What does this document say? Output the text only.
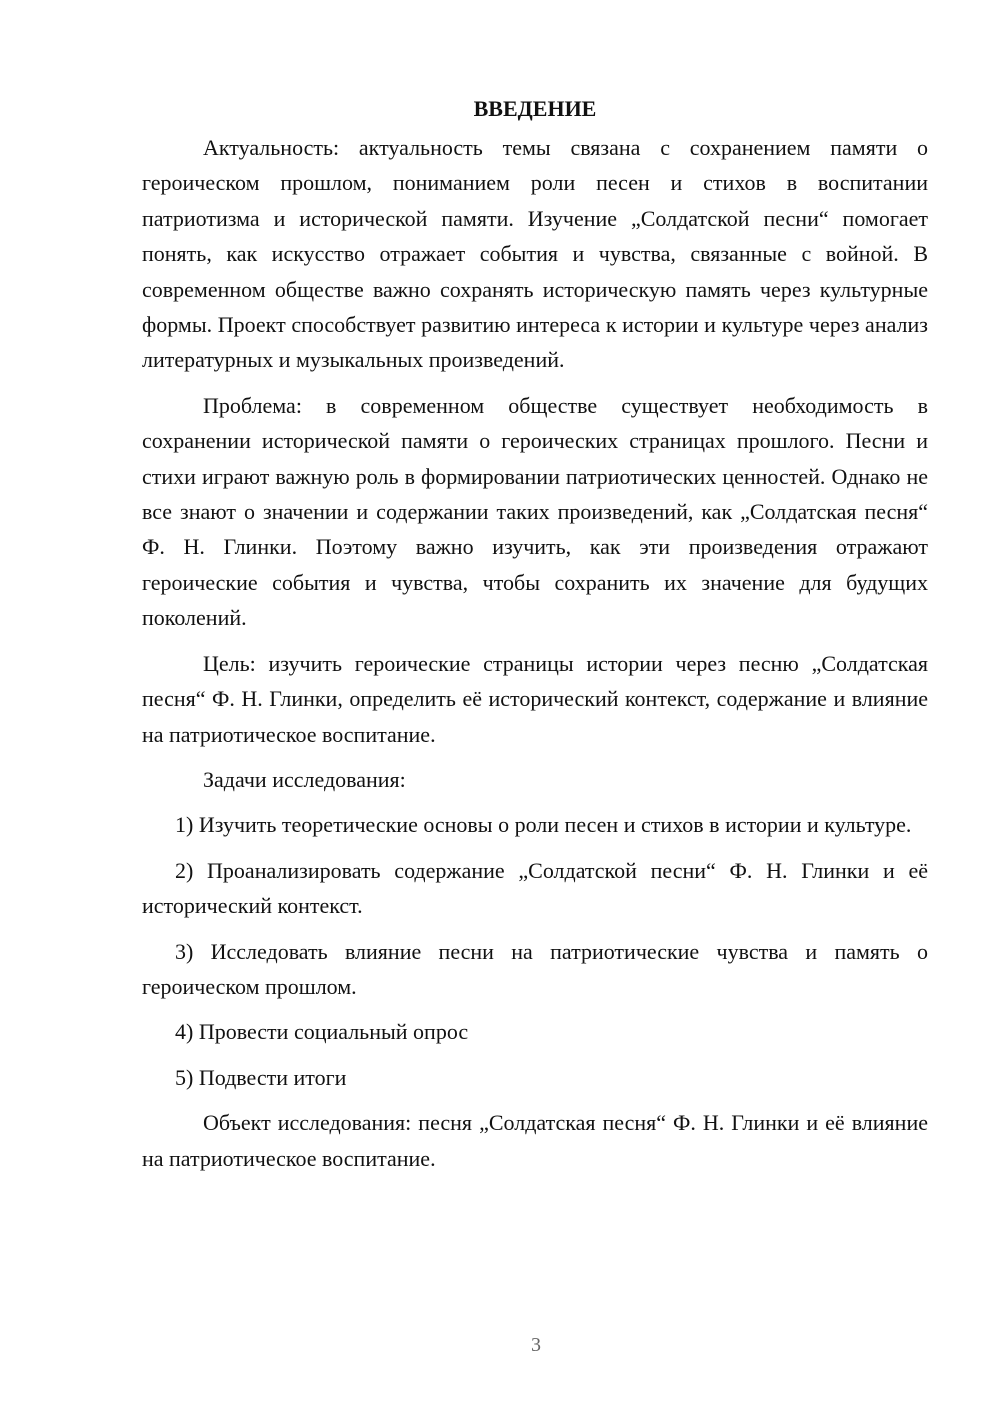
ВВЕДЕНИЕ

Актуальность: актуальность темы связана с сохранением памяти о героическом прошлом, пониманием роли песен и стихов в воспитании патриотизма и исторической памяти. Изучение „Солдатской песни“ помогает понять, как искусство отражает события и чувства, связанные с войной. В современном обществе важно сохранять историческую память через культурные формы. Проект способствует развитию интереса к истории и культуре через анализ литературных и музыкальных произведений.

Проблема: в современном обществе существует необходимость в сохранении исторической памяти о героических страницах прошлого. Песни и стихи играют важную роль в формировании патриотических ценностей. Однако не все знают о значении и содержании таких произведений, как „Солдатская песня“ Ф. Н. Глинки. Поэтому важно изучить, как эти произведения отражают героические события и чувства, чтобы сохранить их значение для будущих поколений.

Цель: изучить героические страницы истории через песню „Солдатская песня“ Ф. Н. Глинки, определить её исторический контекст, содержание и влияние на патриотическое воспитание.

Задачи исследования:

1) Изучить теоретические основы о роли песен и стихов в истории и культуре.

2) Проанализировать содержание „Солдатской песни“ Ф. Н. Глинки и её исторический контекст.

3) Исследовать влияние песни на патриотические чувства и память о героическом прошлом.

4) Провести социальный опрос

5) Подвести итоги

Объект исследования: песня „Солдатская песня“ Ф. Н. Глинки и её влияние на патриотическое воспитание.

3
